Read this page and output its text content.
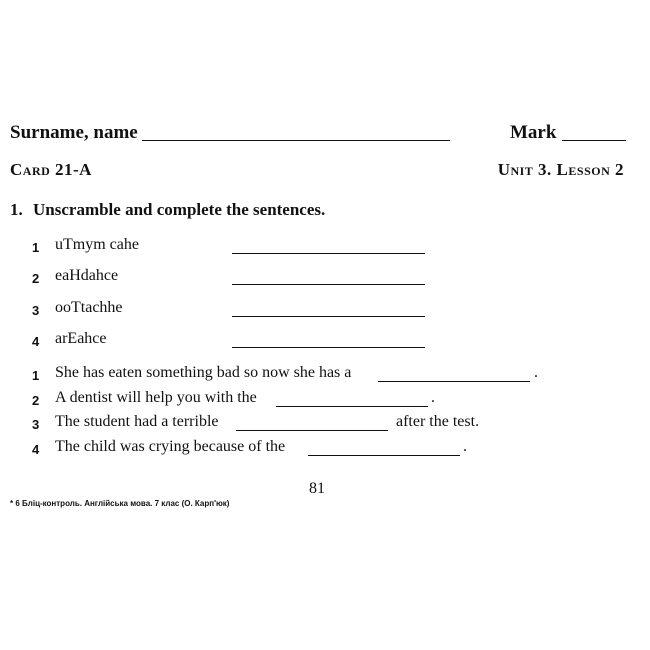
Surname, name	Mark
Card 21-A	Unit 3. Lesson 2
1. Unscramble and complete the sentences.
1 uTmym cahe
2 eaHdahce
3 ooTtachhe
4 arEahce
1 She has eaten something bad so now she has a	.
2 A dentist will help you with the	.
3 The student had a terrible	after the test.
4 The child was crying because of the	.
81
* 6 Бліц-контроль. Англійська мова. 7 клас (О. Карп'юк)
